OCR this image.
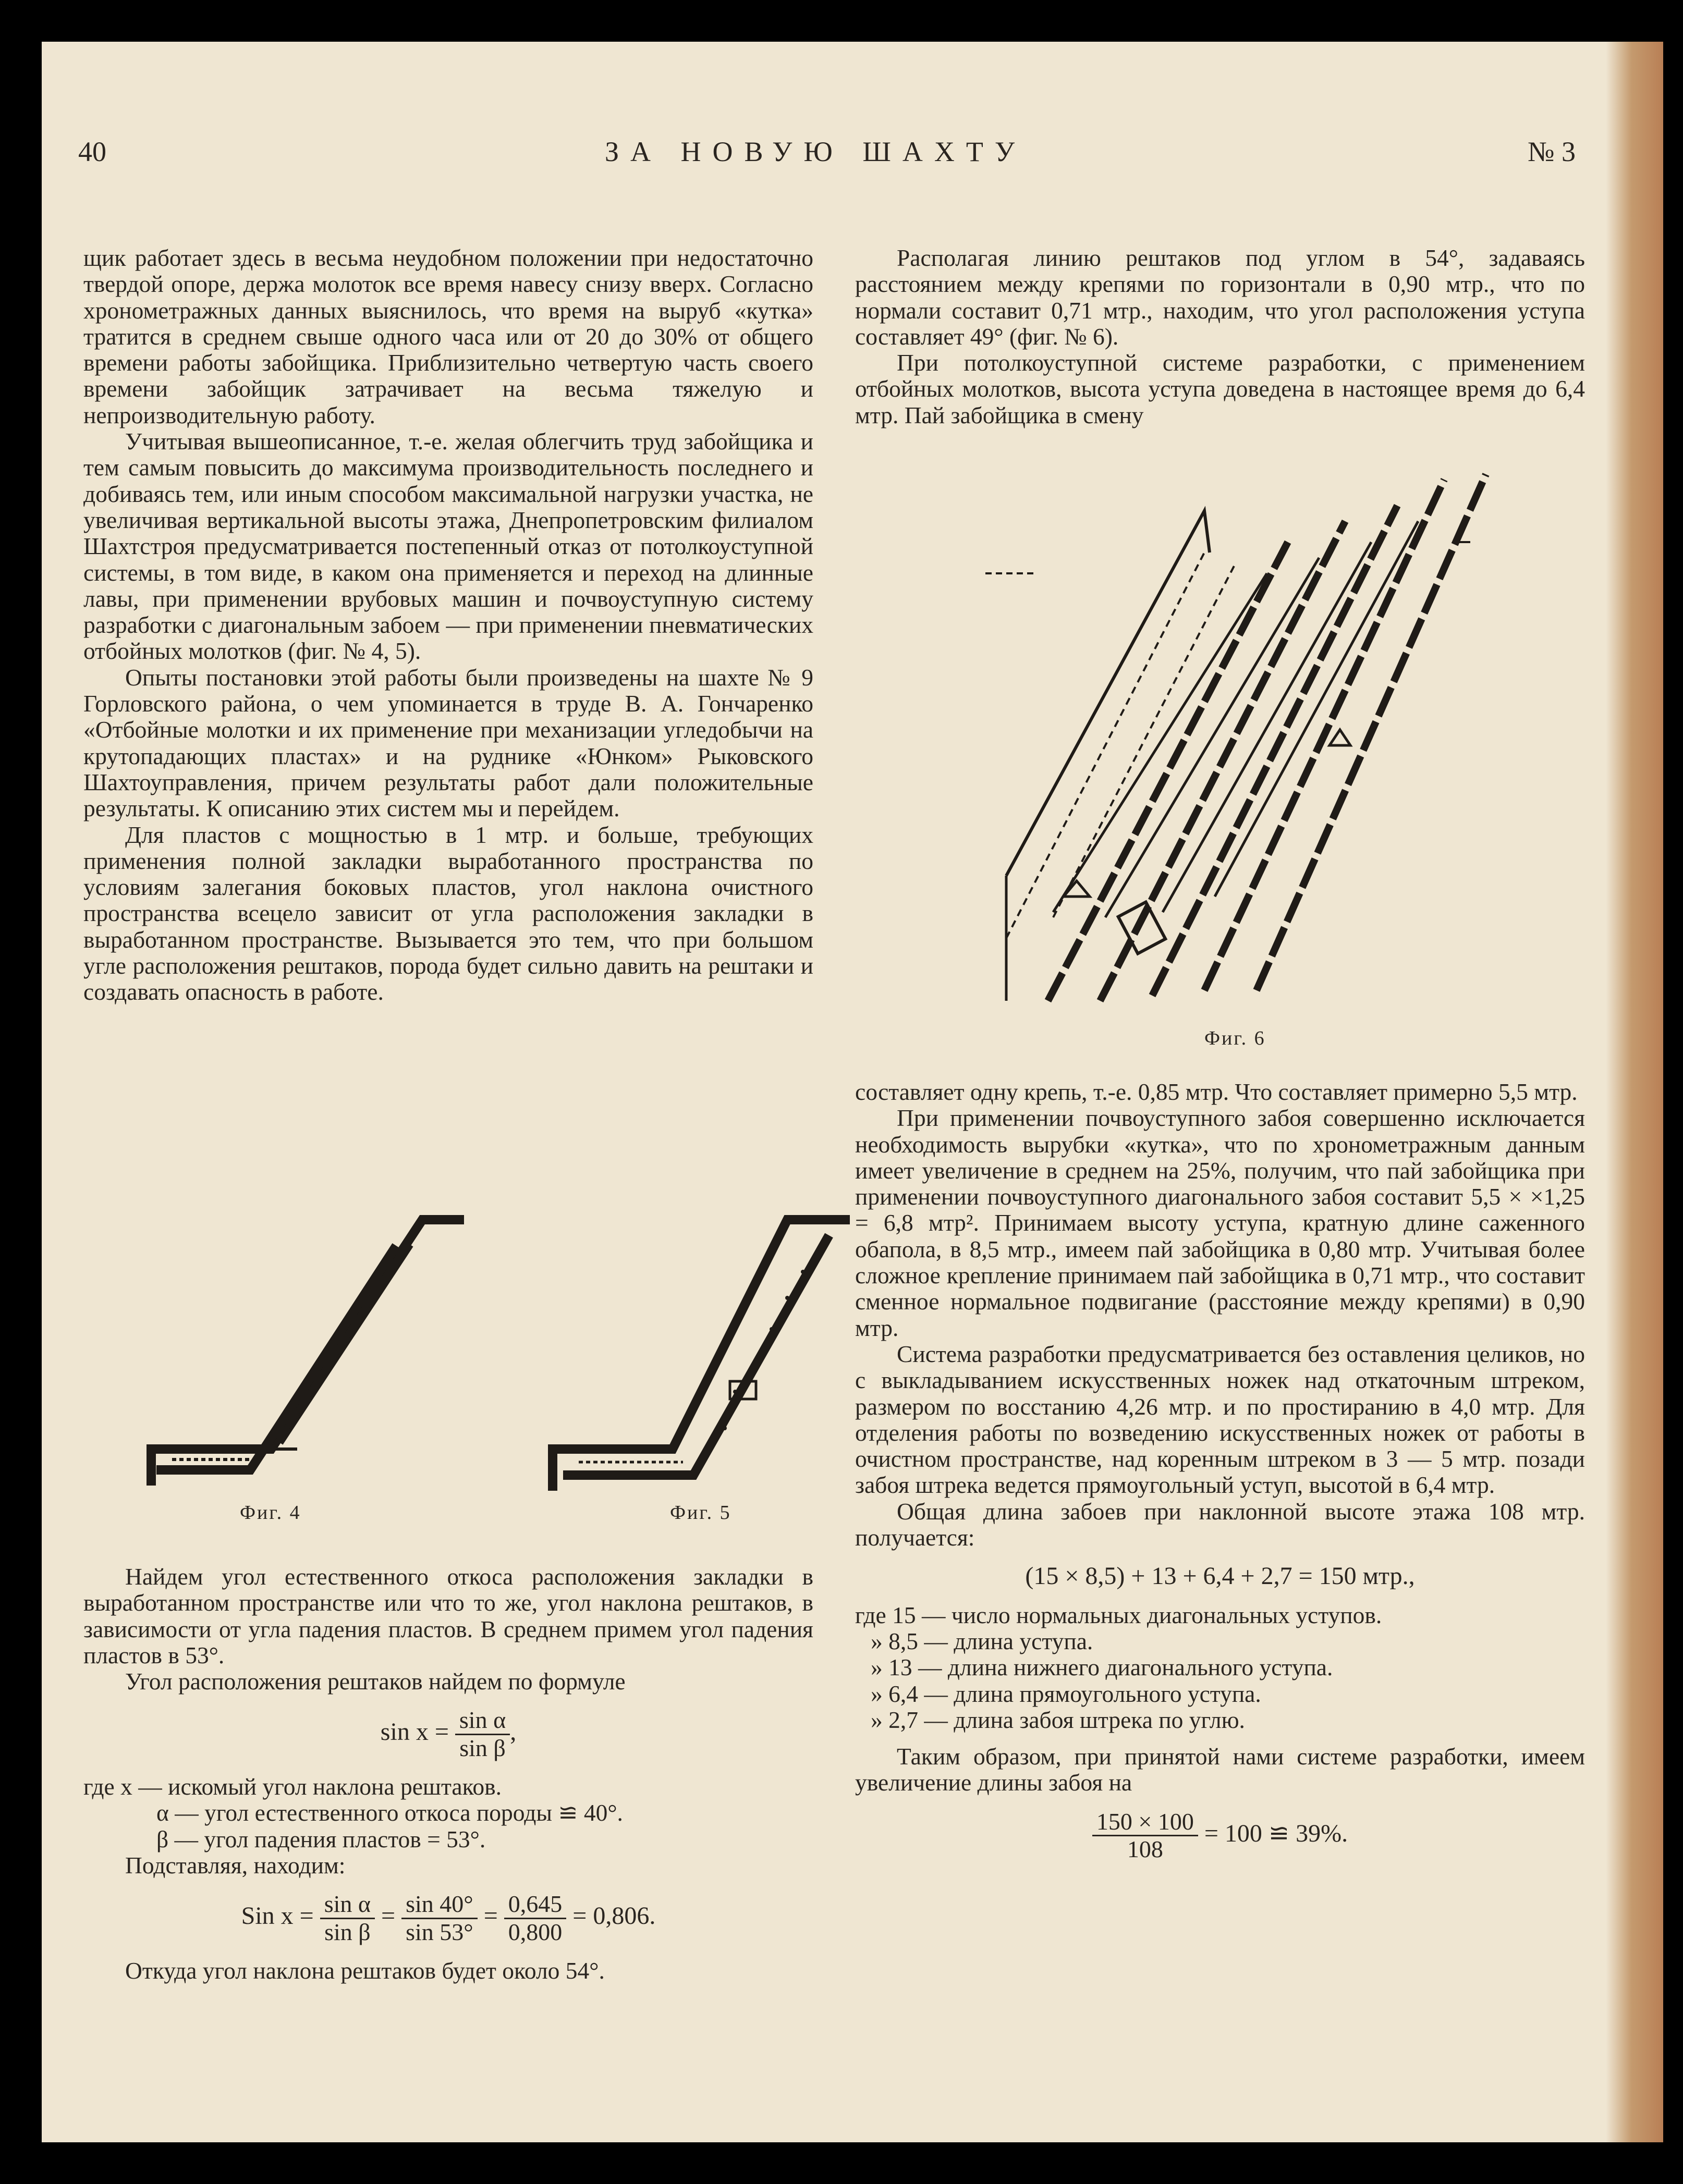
40	ЗА НОВУЮ ШАХТУ	№ 3

щик работает здесь в весьма неудобном положении при недостаточно твердой опоре, держа молоток все время навесу снизу вверх. Согласно хронометражных данных выяснилось, что время на выруб «кутка» тратится в среднем свыше одного часа или от 20 до 30% от общего времени работы забойщика. Приблизительно четвертую часть своего времени забойщик затрачивает на весьма тяжелую и непроизводительную работу.

Учитывая вышеописанное, т.-е. желая облегчить труд забойщика и тем самым повысить до максимума производительность последнего и добиваясь тем, или иным способом максимальной нагрузки участка, не увеличивая вертикальной высоты этажа, Днепропетровским филиалом Шахтстроя предусматривается постепенный отказ от потолкоуступной системы, в том виде, в каком она применяется и переход на длинные лавы, при применении врубовых машин и почвоуступную систему разработки с диагональным забоем — при применении пневматических отбойных молотков (фиг. № 4, 5).

Опыты постановки этой работы были произведены на шахте № 9 Горловского района, о чем упоминается в труде В. А. Гончаренко «Отбойные молотки и их применение при механизации угледобычи на крутопадающих пластах» и на руднике «Юнком» Рыковского Шахтоуправления, причем результаты работ дали положительные результаты. К описанию этих систем мы и перейдем.

Для пластов с мощностью в 1 мтр. и больше, требующих применения полной закладки выработанного пространства по условиям залегания боковых пластов, угол наклона очистного пространства всецело зависит от угла расположения закладки в выработанном пространстве. Вызывается это тем, что при большом угле расположения рештаков, порода будет сильно давить на рештаки и создавать опасность в работе.

Фиг. 4	Фиг. 5

Найдем угол естественного откоса расположения закладки в выработанном пространстве или что то же, угол наклона рештаков, в зависимости от угла падения пластов. В среднем примем угол падения пластов в 53°.

Угол расположения рештаков найдем по формуле

$\sin x = \frac{\text{sin α}}{\text{sin β}}$ ,

где x — искомый угол наклона рештаков.

α — угол естественного откоса породы ≌ 40°.

β — угол падения пластов = 53°.

Подставляя, находим:

Sin $x = \frac{\text{sin α}}{\text{sin β}} = \frac{\sin 40^\circ}{\sin 53^\circ} = \frac{0,645}{0,800} = 0,806$.

Откуда угол наклона рештаков будет около 54°.

Располагая линию рештаков под углом в 54°, задаваясь расстоянием между крепями по горизонтали в 0,90 мтр., что по нормали составит 0,71 мтр., находим, что угол расположения уступа составляет 49° (фиг. № 6).

При потолкоуступной системе разработки, с применением отбойных молотков, высота уступа доведена в настоящее время до 6,4 мтр. Пай забойщика в смену

Фиг. 6

составляет одну крепь, т.-е. 0,85 мтр. Что составляет примерно 5,5 мтр.

При применении почвоуступного забоя совершенно исключается необходимость вырубки «кутка», что по хронометражным данным имеет увеличение в среднем на 25%, получим, что пай забойщика при применении почвоуступного диагонального забоя составит 5,5 × ×1,25 = 6,8 мтр². Принимаем высоту уступа, кратную длине саженного обапола, в 8,5 мтр., имеем пай забойщика в 0,80 мтр. Учитывая более сложное крепление принимаем пай забойщика в 0,71 мтр., что составит сменное нормальное подвигание (расстояние между крепями) в 0,90 мтр.

Система разработки предусматривается без оставления целиков, но с выкладыванием искусственных ножек над откаточным штреком, размером по восстанию 4,26 мтр. и по простиранию в 4,0 мтр. Для отделения работы по возведению искусственных ножек от работы в очистном пространстве, над коренным штреком в 3 — 5 мтр. позади забоя штрека ведется прямоугольный уступ, высотой в 6,4 мтр.

Общая длина забоев при наклонной высоте этажа 108 мтр. получается:

(15 × 8,5) + 13 + 6,4 + 2,7 = 150 мтр.,
где 15 — число нормальных диагональных уступов.
» 8,5 — длина уступа.
» 13 — длина нижнего диагонального уступа.
» 6,4 — длина прямоугольного уступа.
» 2,7 — длина забоя штрека по углю.

Таким образом, при принятой нами системе разработки, имеем увеличение длины забоя на

$\frac{150 \times 100}{108} = 100$ ≌ 39%.
